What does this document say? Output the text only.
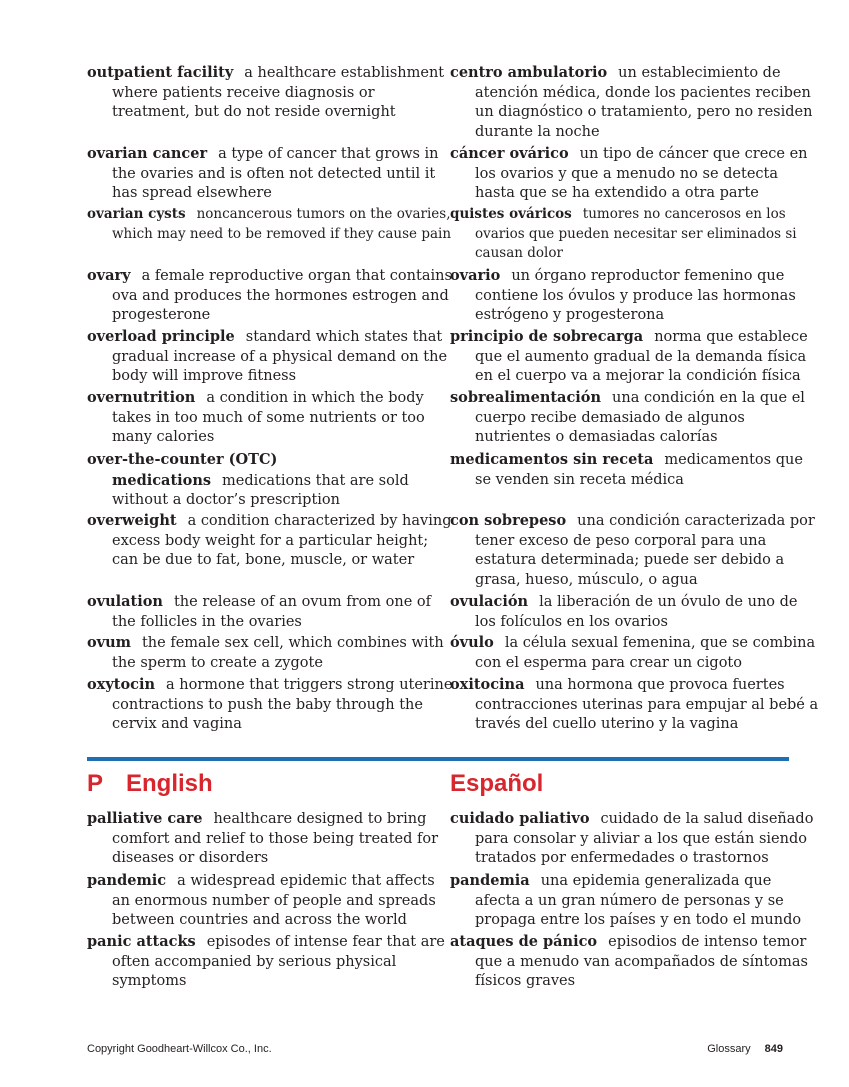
outpatient facility a healthcare establishment where patients receive diagnosis or treatment, but do not reside overnight
centro ambulatorio un establecimiento de atención médica, donde los pacientes reciben un diagnóstico o tratamiento, pero no residen durante la noche
ovarian cancer a type of cancer that grows in the ovaries and is often not detected until it has spread elsewhere
cáncer ovárico un tipo de cáncer que crece en los ovarios y que a menudo no se detecta hasta que se ha extendido a otra parte
ovarian cysts noncancerous tumors on the ovaries, which may need to be removed if they cause pain
quistes ováricos tumores no cancerosos en los ovarios que pueden necesitar ser eliminados si causan dolor
ovary a female reproductive organ that contains ova and produces the hormones estrogen and progesterone
ovario un órgano reproductor femenino que contiene los óvulos y produce las hormonas estrógeno y progesterona
overload principle standard which states that gradual increase of a physical demand on the body will improve fitness
principio de sobrecarga norma que establece que el aumento gradual de la demanda física en el cuerpo va a mejorar la condición física
overnutrition a condition in which the body takes in too much of some nutrients or too many calories
sobrealimentación una condición en la que el cuerpo recibe demasiado de algunos nutrientes o demasiadas calorías
over-the-counter (OTC) medications medications that are sold without a doctor’s prescription
medicamentos sin receta medicamentos que se venden sin receta médica
overweight a condition characterized by having excess body weight for a particular height; can be due to fat, bone, muscle, or water
con sobrepeso una condición caracterizada por tener exceso de peso corporal para una estatura determinada; puede ser debido a grasa, hueso, músculo, o agua
ovulation the release of an ovum from one of the follicles in the ovaries
ovulación la liberación de un óvulo de uno de los folículos en los ovarios
ovum the female sex cell, which combines with the sperm to create a zygote
óvulo la célula sexual femenina, que se combina con el esperma para crear un cigoto
oxytocin a hormone that triggers strong uterine contractions to push the baby through the cervix and vagina
oxitocina una hormona que provoca fuertes contracciones uterinas para empujar al bebé a través del cuello uterino y la vagina
P English	Español
palliative care healthcare designed to bring comfort and relief to those being treated for diseases or disorders
cuidado paliativo cuidado de la salud diseñado para consolar y aliviar a los que están siendo tratados por enfermedades o trastornos
pandemic a widespread epidemic that affects an enormous number of people and spreads between countries and across the world
pandemia una epidemia generalizada que afecta a un gran número de personas y se propaga entre los países y en todo el mundo
panic attacks episodes of intense fear that are often accompanied by serious physical symptoms
ataques de pánico episodios de intenso temor que a menudo van acompañados de síntomas físicos graves
Copyright Goodheart-Willcox Co., Inc.	Glossary 849
